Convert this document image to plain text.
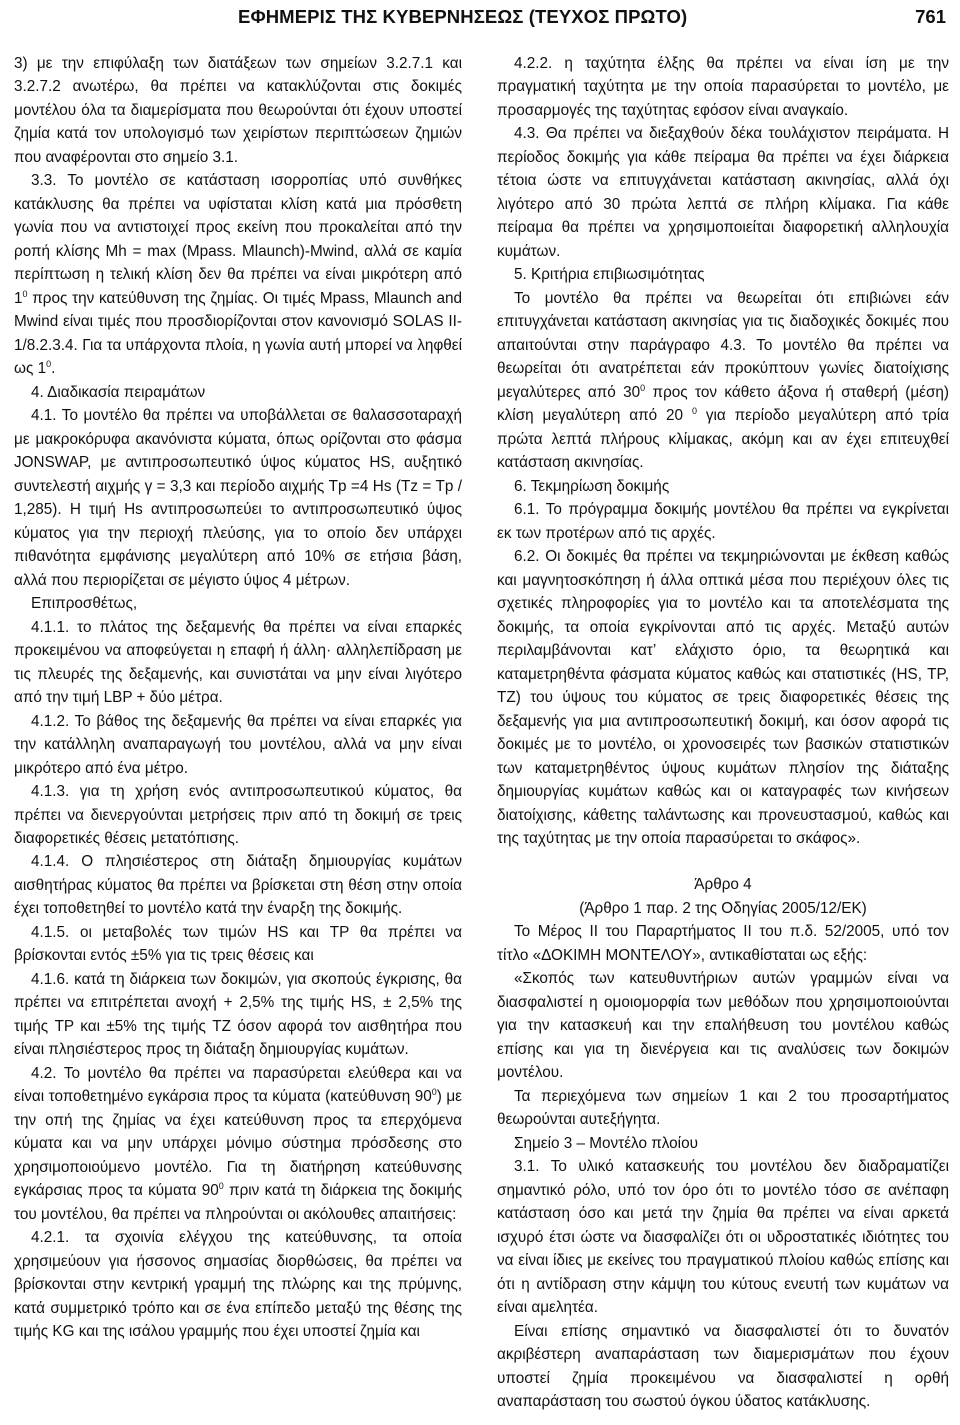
ΕΦΗΜΕΡΙΣ ΤΗΣ ΚΥΒΕΡΝΗΣΕΩΣ (ΤΕΥΧΟΣ ΠΡΩΤΟ)	761

3) με την επιφύλαξη των διατάξεων των σημείων 3.2.7.1 και 3.2.7.2 ανωτέρω, θα πρέπει να κατακλύζονται στις δοκιμές μοντέλου όλα τα διαμερίσματα που θεωρούνται ότι έχουν υποστεί ζημία κατά τον υπολογισμό των χειρίστων περιπτώσεων ζημιών που αναφέρονται στο σημείο 3.1.

3.3. Το μοντέλο σε κατάσταση ισορροπίας υπό συνθήκες κατάκλυσης θα πρέπει να υφίσταται κλίση κατά μια πρόσθετη γωνία που να αντιστοιχεί προς εκείνη που προκαλείται από την ροπή κλίσης Mh = max (Mpass. Mlaunch)-Mwind, αλλά σε καμία περίπτωση η τελική κλίση δεν θα πρέπει να είναι μικρότερη από $1^0$ προς την κατεύθυνση της ζημίας. Οι τιμές Mpass, Mlaunch and Mwind είναι τιμές που προσδιορίζονται στον κανονισμό SOLAS II-1/8.2.3.4. Για τα υπάρχοντα πλοία, η γωνία αυτή μπορεί να ληφθεί ως $1^0$.

4. Διαδικασία πειραμάτων

4.1. Το μοντέλο θα πρέπει να υποβάλλεται σε θαλασσοταραχή με μακροκόρυφα ακανόνιστα κύματα, όπως ορίζονται στο φάσμα JONSWAP, με αντιπροσωπευτικό ύψος κύματος HS, αυξητικό συντελεστή αιχμής γ = 3,3 και περίοδο αιχμής Tp =4 Hs (Tz = Tp / 1,285). Η τιμή Hs αντιπροσωπεύει το αντιπροσωπευτικό ύψος κύματος για την περιοχή πλεύσης, για το οποίο δεν υπάρχει πιθανότητα εμφάνισης μεγαλύτερη από 10% σε ετήσια βάση, αλλά που περιορίζεται σε μέγιστο ύψος 4 μέτρων.

Επιπροσθέτως,

4.1.1. το πλάτος της δεξαμενής θα πρέπει να είναι επαρκές προκειμένου να αποφεύγεται η επαφή ή άλλη· αλληλεπίδραση με τις πλευρές της δεξαμενής, και συνιστάται να μην είναι λιγότερο από την τιμή LBP + δύο μέτρα.

4.1.2. Το βάθος της δεξαμενής θα πρέπει να είναι επαρκές για την κατάλληλη αναπαραγωγή του μοντέλου, αλλά να μην είναι μικρότερο από ένα μέτρο.

4.1.3. για τη χρήση ενός αντιπροσωπευτικού κύματος, θα πρέπει να διενεργούνται μετρήσεις πριν από τη δοκιμή σε τρεις διαφορετικές θέσεις μετατόπισης.

4.1.4. Ο πλησιέστερος στη διάταξη δημιουργίας κυμάτων αισθητήρας κύματος θα πρέπει να βρίσκεται στη θέση στην οποία έχει τοποθετηθεί το μοντέλο κατά την έναρξη της δοκιμής.

4.1.5. οι μεταβολές των τιμών HS και TP θα πρέπει να βρίσκονται εντός ±5% για τις τρεις θέσεις και

4.1.6. κατά τη διάρκεια των δοκιμών, για σκοπούς έγκρισης, θα πρέπει να επιτρέπεται ανοχή + 2,5% της τιμής HS, ± 2,5% της τιμής TP και ±5% της τιμής TZ όσον αφορά τον αισθητήρα που είναι πλησιέστερος προς τη διάταξη δημιουργίας κυμάτων.

4.2. Το μοντέλο θα πρέπει να παρασύρεται ελεύθερα και να είναι τοποθετημένο εγκάρσια προς τα κύματα (κατεύθυνση $90^0$) με την οπή της ζημίας να έχει κατεύθυνση προς τα επερχόμενα κύματα και να μην υπάρχει μόνιμο σύστημα πρόσδεσης στο χρησιμοποιούμενο μοντέλο. Για τη διατήρηση κατεύθυνσης εγκάρσιας προς τα κύματα $90^0$ πριν κατά τη διάρκεια της δοκιμής του μοντέλου, θα πρέπει να πληρούνται οι ακόλουθες απαιτήσεις:

4.2.1. τα σχοινία ελέγχου της κατεύθυνσης, τα οποία χρησιμεύουν για ήσσονος σημασίας διορθώσεις, θα πρέπει να βρίσκονται στην κεντρική γραμμή της πλώρης και της πρύμνης, κατά συμμετρικό τρόπο και σε ένα επίπεδο μεταξύ της θέσης της τιμής KG και της ισάλου γραμμής που έχει υποστεί ζημία και

4.2.2. η ταχύτητα έλξης θα πρέπει να είναι ίση με την πραγματική ταχύτητα με την οποία παρασύρεται το μοντέλο, με προσαρμογές της ταχύτητας εφόσον είναι αναγκαίο.

4.3. Θα πρέπει να διεξαχθούν δέκα τουλάχιστον πειράματα. Η περίοδος δοκιμής για κάθε πείραμα θα πρέπει να έχει διάρκεια τέτοια ώστε να επιτυγχάνεται κατάσταση ακινησίας, αλλά όχι λιγότερο από 30 πρώτα λεπτά σε πλήρη κλίμακα. Για κάθε πείραμα θα πρέπει να χρησιμοποιείται διαφορετική αλληλουχία κυμάτων.

5. Κριτήρια επιβιωσιμότητας

Το μοντέλο θα πρέπει να θεωρείται ότι επιβιώνει εάν επιτυγχάνεται κατάσταση ακινησίας για τις διαδοχικές δοκιμές που απαιτούνται στην παράγραφο 4.3. Το μοντέλο θα πρέπει να θεωρείται ότι ανατρέπεται εάν προκύπτουν γωνίες διατοίχισης μεγαλύτερες από $30^0$ προς τον κάθετο άξονα ή σταθερή (μέση) κλίση μεγαλύτερη από 20 $^0$ για περίοδο μεγαλύτερη από τρία πρώτα λεπτά πλήρους κλίμακας, ακόμη και αν έχει επιτευχθεί κατάσταση ακινησίας.

6. Τεκμηρίωση δοκιμής

6.1. Το πρόγραμμα δοκιμής μοντέλου θα πρέπει να εγκρίνεται εκ των προτέρων από τις αρχές.

6.2. Οι δοκιμές θα πρέπει να τεκμηριώνονται με έκθεση καθώς και μαγνητοσκόπηση ή άλλα οπτικά μέσα που περιέχουν όλες τις σχετικές πληροφορίες για το μοντέλο και τα αποτελέσματα της δοκιμής, τα οποία εγκρίνονται από τις αρχές. Μεταξύ αυτών περιλαμβάνονται κατ’ ελάχιστο όριο, τα θεωρητικά και καταμετρηθέντα φάσματα κύματος καθώς και στατιστικές (HS, TP, TZ) του ύψους του κύματος σε τρεις διαφορετικές θέσεις της δεξαμενής για μια αντιπροσωπευτική δοκιμή, και όσον αφορά τις δοκιμές με το μοντέλο, οι χρονοσειρές των βασικών στατιστικών των καταμετρηθέντος ύψους κυμάτων πλησίον της διάταξης δημιουργίας κυμάτων καθώς και οι καταγραφές των κινήσεων διατοίχισης, κάθετης ταλάντωσης και προνευστασμού, καθώς και της ταχύτητας με την οποία παρασύρεται το σκάφος».

Άρθρο 4

(Άρθρο 1 παρ. 2 της Οδηγίας 2005/12/ΕΚ)

Το Μέρος II του Παραρτήματος II του π.δ. 52/2005, υπό τον τίτλο «ΔΟΚΙΜΗ ΜΟΝΤΕΛΟΥ», αντικαθίσταται ως εξής:

«Σκοπός των κατευθυντήριων αυτών γραμμών είναι να διασφαλιστεί η ομοιομορφία των μεθόδων που χρησιμοποιούνται για την κατασκευή και την επαλήθευση του μοντέλου καθώς επίσης και για τη διενέργεια και τις αναλύσεις των δοκιμών μοντέλου.

Τα περιεχόμενα των σημείων 1 και 2 του προσαρτήματος θεωρούνται αυτεξήγητα.

Σημείο 3 – Μοντέλο πλοίου

3.1. Το υλικό κατασκευής του μοντέλου δεν διαδραματίζει σημαντικό ρόλο, υπό τον όρο ότι το μοντέλο τόσο σε ανέπαφη κατάσταση όσο και μετά την ζημία θα πρέπει να είναι αρκετά ισχυρό έτσι ώστε να διασφαλίζει ότι οι υδροστατικές ιδιότητες του να είναι ίδιες με εκείνες του πραγματικού πλοίου καθώς επίσης και ότι η αντίδραση στην κάμψη του κύτους ενευτή των κυμάτων να είναι αμελητέα.

Είναι επίσης σημαντικό να διασφαλιστεί ότι το δυνατόν ακριβέστερη αναπαράσταση των διαμερισμάτων που έχουν υποστεί ζημία προκειμένου να διασφαλιστεί η ορθή αναπαράσταση του σωστού όγκου ύδατος κατάκλυσης.
